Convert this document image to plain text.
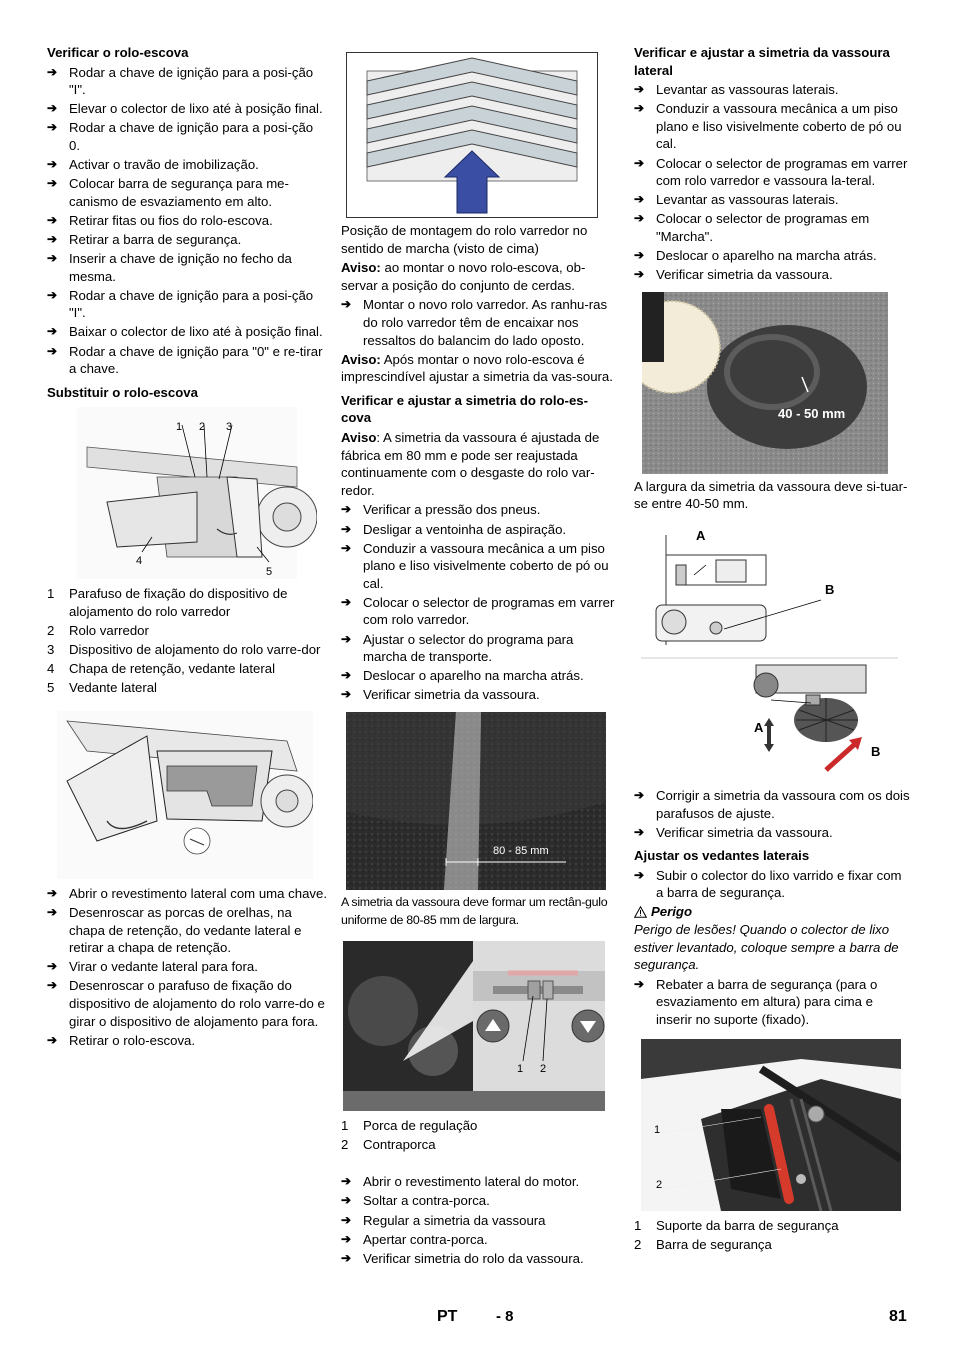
Verificar o rolo-escova
➔ Rodar a chave de ignição para a posi-ção "I".
➔ Elevar o colector de lixo até à posição final.
➔ Rodar a chave de ignição para a posi-ção 0.
➔ Activar o travão de imobilização.
➔ Colocar barra de segurança para me-canismo de esvaziamento em alto.
➔ Retirar fitas ou fios do rolo-escova.
➔ Retirar a barra de segurança.
➔ Inserir a chave de ignição no fecho da mesma.
➔ Rodar a chave de ignição para a posi-ção "I".
➔ Baixar o colector de lixo até à posição final.
➔ Rodar a chave de ignição para "0" e re-tirar a chave.
Substituir o rolo-escova
1 2 3
4
5
1 Parafuso de fixação do dispositivo de alojamento do rolo varredor
2 Rolo varredor
3 Dispositivo de alojamento do rolo varre-dor
4 Chapa de retenção, vedante lateral
5 Vedante lateral
➔ Abrir o revestimento lateral com uma chave.
➔ Desenroscar as porcas de orelhas, na chapa de retenção, do vedante lateral e retirar a chapa de retenção.
➔ Virar o vedante lateral para fora.
➔ Desenroscar o parafuso de fixação do dispositivo de alojamento do rolo varre-do e girar o dispositivo de alojamento para fora.
➔ Retirar o rolo-escova.

Posição de montagem do rolo varredor no sentido de marcha (visto de cima)

Aviso: ao montar o novo rolo-escova, ob-servar a posição do conjunto de cerdas.

➔ Montar o novo rolo varredor. As ranhu-ras do rolo varredor têm de encaixar nos ressaltos do balancim do lado oposto.

Aviso: Após montar o novo rolo-escova é imprescindível ajustar a simetria da vas-soura.

Verificar e ajustar a simetria do rolo-es-cova

Aviso: A simetria da vassoura é ajustada de fábrica em 80 mm e pode ser reajustada continuamente com o desgaste do rolo var-redor.

➔ Verificar a pressão dos pneus.
➔ Desligar a ventoinha de aspiração.
➔ Conduzir a vassoura mecânica a um piso plano e liso visivelmente coberto de pó ou cal.
➔ Colocar o selector de programas em varrer com rolo varredor.
➔ Ajustar o selector do programa para marcha de transporte.
➔ Deslocar o aparelho na marcha atrás.
➔ Verificar simetria da vassoura.
80 - 85 mm

A simetria da vassoura deve formar um rectân-gulo uniforme de 80-85 mm de largura.

1 2
1 Porca de regulação
2 Contraporca
➔ Abrir o revestimento lateral do motor.
➔ Soltar a contra-porca.
➔ Regular a simetria da vassoura
➔ Apertar contra-porca.
➔ Verificar simetria do rolo da vassoura.
Verificar e ajustar a simetria da vassoura lateral
➔ Levantar as vassouras laterais.
➔ Conduzir a vassoura mecânica a um piso plano e liso visivelmente coberto de pó ou cal.
➔ Colocar o selector de programas em varrer com rolo varredor e vassoura la-teral.
➔ Levantar as vassouras laterais.
➔ Colocar o selector de programas em "Marcha".
➔ Deslocar o aparelho na marcha atrás.
➔ Verificar simetria da vassoura.
40 - 50 mm

A largura da simetria da vassoura deve si-tuar-se entre 40-50 mm.

A
B
A
B
➔ Corrigir a simetria da vassoura com os dois parafusos de ajuste.
➔ Verificar simetria da vassoura.
Ajustar os vedantes laterais
➔ Subir o colector do lixo varrido e fixar com a barra de segurança.
Perigo

Perigo de lesões! Quando o colector de lixo estiver levantado, coloque sempre a barra de segurança.

➔ Rebater a barra de segurança (para o esvaziamento em altura) para cima e inserir no suporte (fixado).
1
2
1 Suporte da barra de segurança
2 Barra de segurança
PT	- 8	81
